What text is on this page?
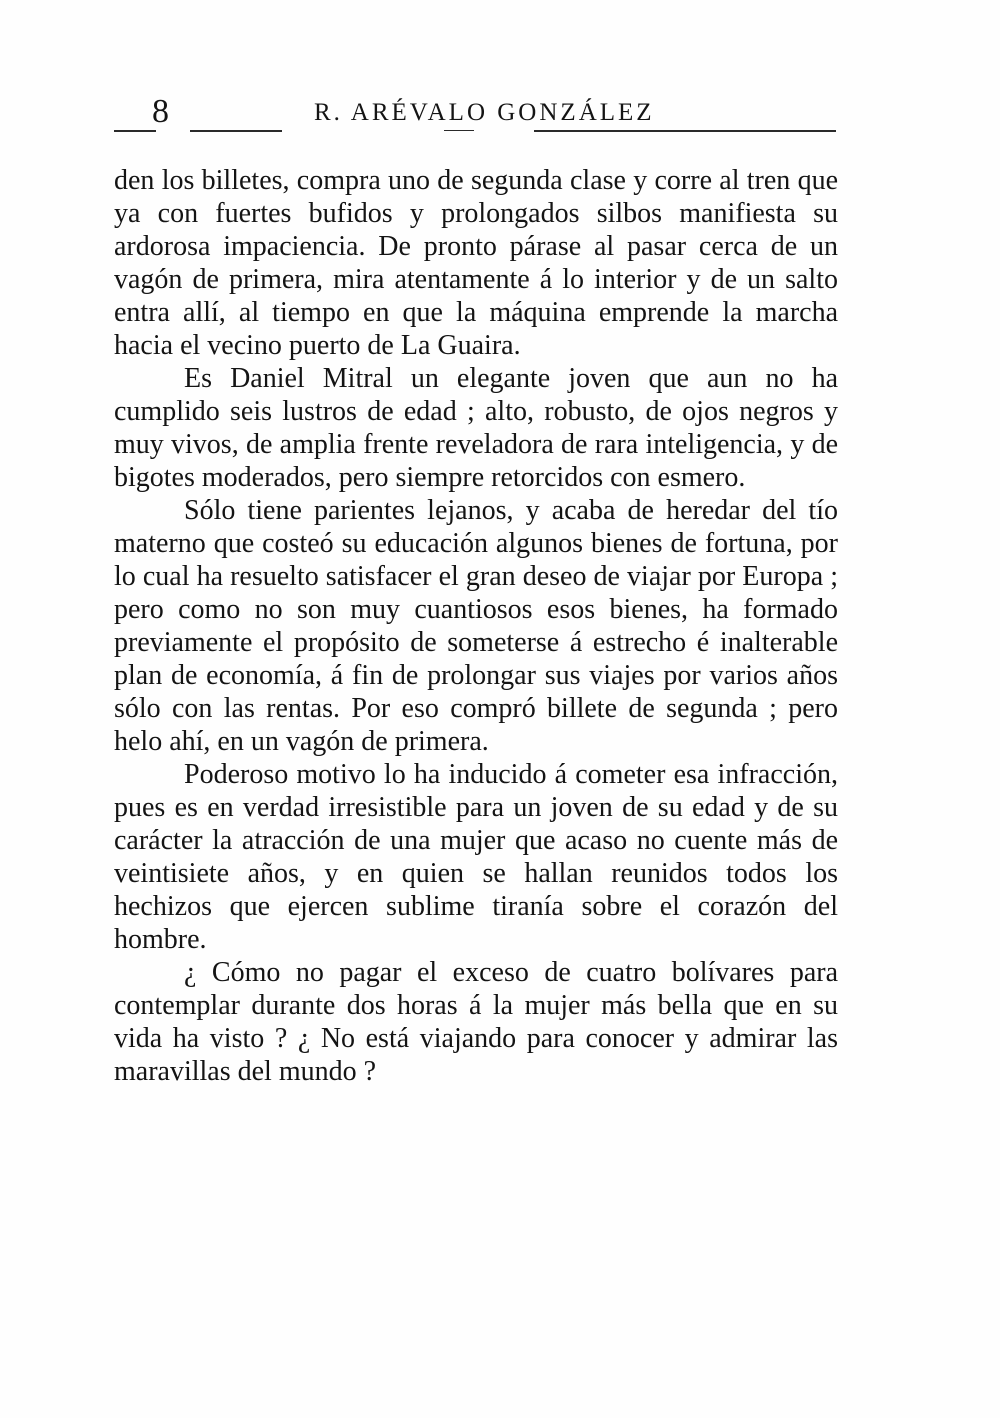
8	R. ARÉVALO GONZÁLEZ

den los billetes, compra uno de segunda clase y corre al tren que ya con fuertes bufidos y prolongados silbos manifiesta su ardorosa impaciencia. De pronto párase al pasar cerca de un vagón de primera, mira atentamente á lo interior y de un salto entra allí, al tiempo en que la máquina emprende la marcha hacia el vecino puerto de La Guaira.

Es Daniel Mitral un elegante joven que aun no ha cumplido seis lustros de edad ; alto, robusto, de ojos negros y muy vivos, de amplia frente reveladora de rara inteligencia, y de bigotes moderados, pero siempre retorcidos con esmero.

Sólo tiene parientes lejanos, y acaba de heredar del tío materno que costeó su educación algunos bienes de fortuna, por lo cual ha resuelto satisfacer el gran deseo de viajar por Europa ; pero como no son muy cuantiosos esos bienes, ha formado previamente el propósito de someterse á estrecho é inalterable plan de economía, á fin de prolongar sus viajes por varios años sólo con las rentas. Por eso compró billete de segunda ; pero helo ahí, en un vagón de primera.

Poderoso motivo lo ha inducido á cometer esa infracción, pues es en verdad irresistible para un joven de su edad y de su carácter la atracción de una mujer que acaso no cuente más de veintisiete años, y en quien se hallan reunidos todos los hechizos que ejercen sublime tiranía sobre el corazón del hombre.

¿ Cómo no pagar el exceso de cuatro bolívares para contemplar durante dos horas á la mujer más bella que en su vida ha visto ? ¿ No está viajando para conocer y admirar las maravillas del mundo ?
